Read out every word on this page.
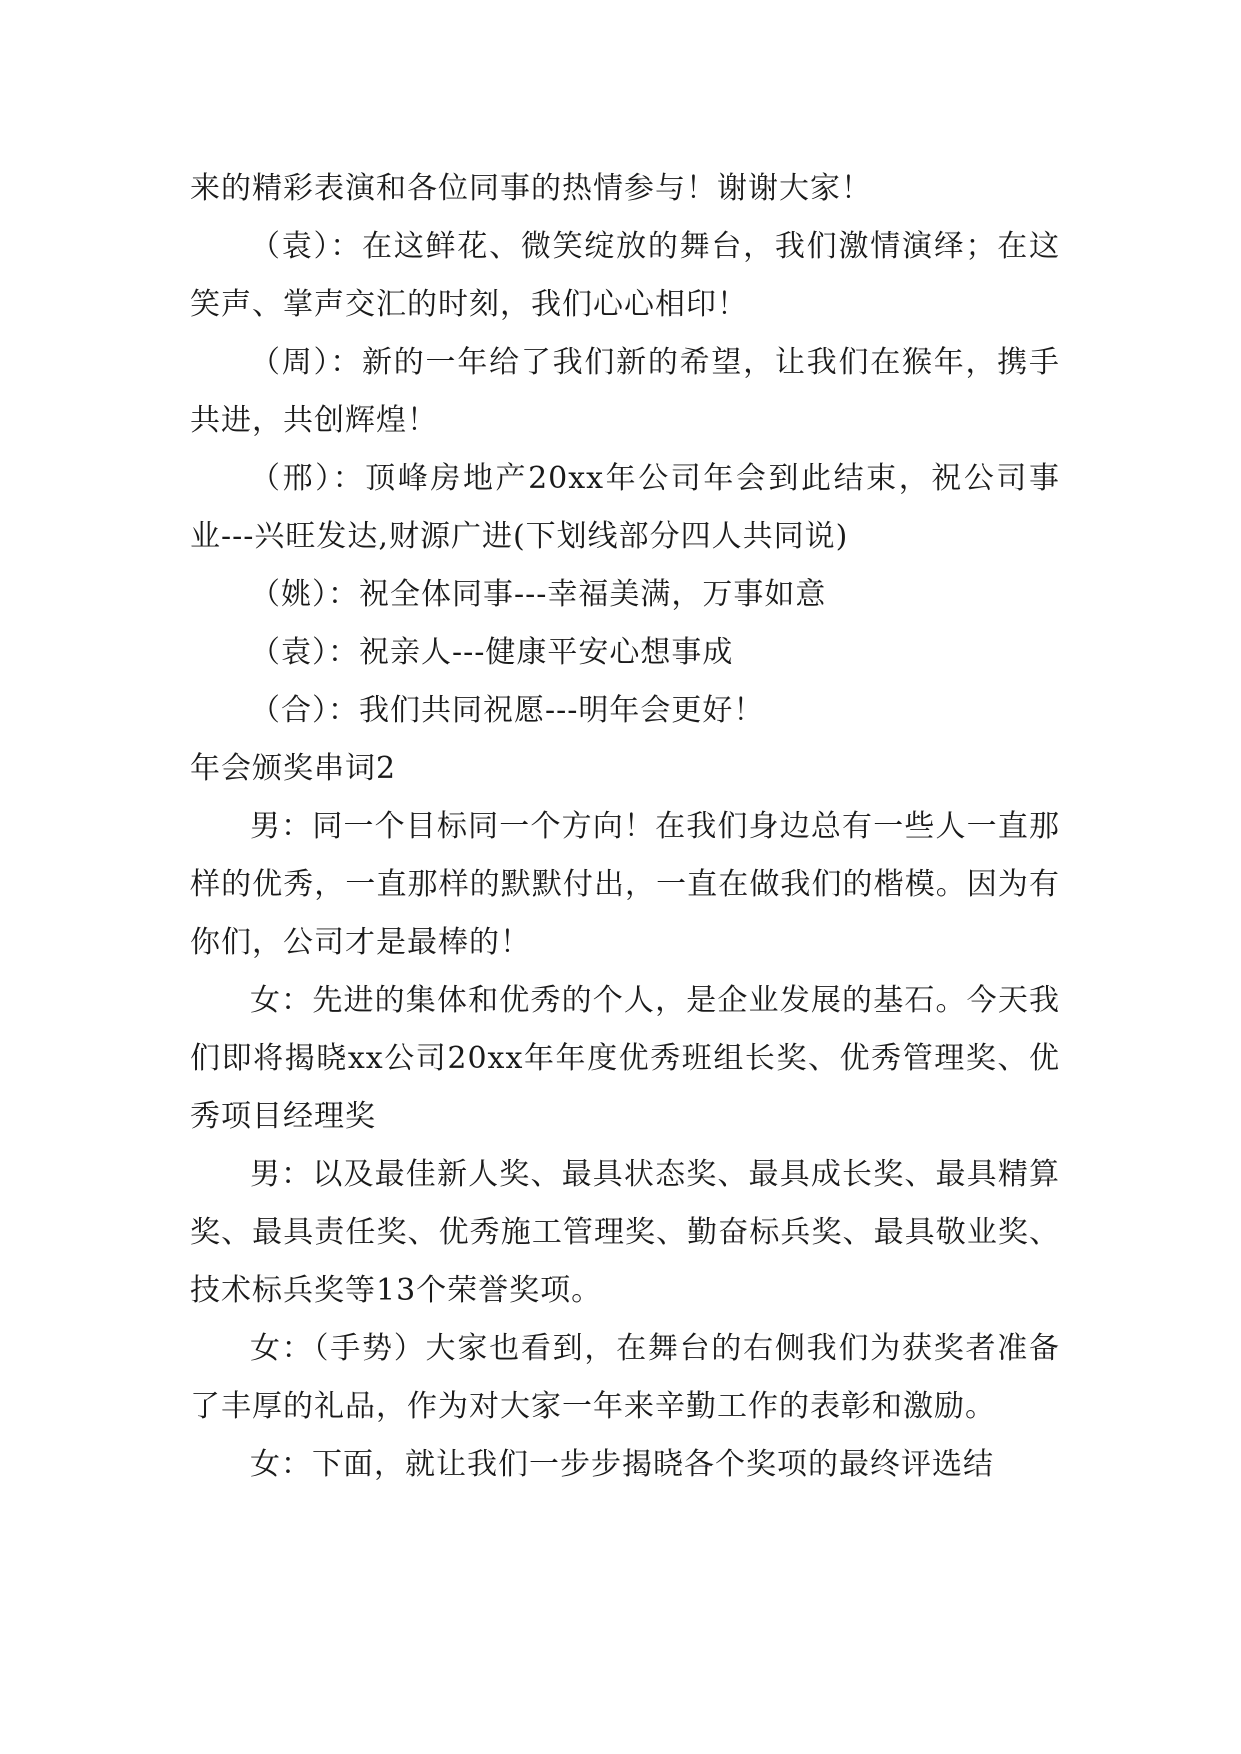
来的精彩表演和各位同事的热情参与！谢谢大家！

（袁）：在这鲜花、微笑绽放的舞台，我们激情演绎；在这笑声、掌声交汇的时刻，我们心心相印！

（周）：新的一年给了我们新的希望，让我们在猴年，携手共进，共创辉煌！

（邢）：顶峰房地产20xx年公司年会到此结束，祝公司事业---兴旺发达,财源广进(下划线部分四人共同说)

（姚）：祝全体同事---幸福美满，万事如意

（袁）：祝亲人---健康平安心想事成

（合）：我们共同祝愿---明年会更好！

年会颁奖串词2

男：同一个目标同一个方向！在我们身边总有一些人一直那样的优秀，一直那样的默默付出，一直在做我们的楷模。因为有你们，公司才是最棒的！

女：先进的集体和优秀的个人，是企业发展的基石。今天我们即将揭晓xx公司20xx年年度优秀班组长奖、优秀管理奖、优秀项目经理奖

男：以及最佳新人奖、最具状态奖、最具成长奖、最具精算奖、最具责任奖、优秀施工管理奖、勤奋标兵奖、最具敬业奖、技术标兵奖等13个荣誉奖项。

女：（手势）大家也看到，在舞台的右侧我们为获奖者准备了丰厚的礼品，作为对大家一年来辛勤工作的表彰和激励。

女：下面，就让我们一步步揭晓各个奖项的最终评选结
